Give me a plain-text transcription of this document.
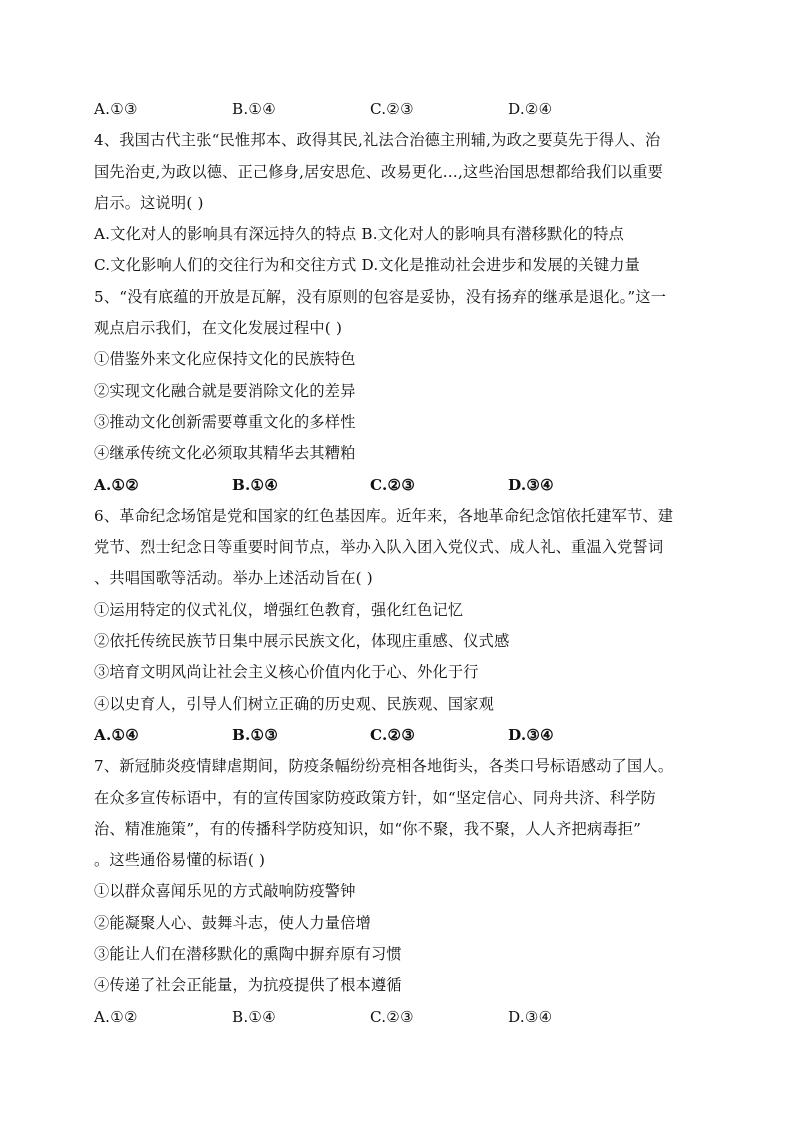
A.①③	B.①④	C.②③	D.②④
4、我国古代主张“民惟邦本、政得其民,礼法合治德主刑辅,为政之要莫先于得人、治
国先治吏,为政以德、正己修身,居安思危、改易更化…,这些治国思想都给我们以重要
启示。这说明( )
A.文化对人的影响具有深远持久的特点 B.文化对人的影响具有潜移默化的特点
C.文化影响人们的交往行为和交往方式 D.文化是推动社会进步和发展的关键力量
5、“没有底蕴的开放是瓦解，没有原则的包容是妥协，没有扬弃的继承是退化。”这一
观点启示我们，在文化发展过程中( )
①借鉴外来文化应保持文化的民族特色
②实现文化融合就是要消除文化的差异
③推动文化创新需要尊重文化的多样性
④继承传统文化必须取其精华去其糟粕
A.①②	B.①④	C.②③	D.③④
6、革命纪念场馆是党和国家的红色基因库。近年来，各地革命纪念馆依托建军节、建
党节、烈士纪念日等重要时间节点，举办入队入团入党仪式、成人礼、重温入党誓词
、共唱国歌等活动。举办上述活动旨在( )
①运用特定的仪式礼仪，增强红色教育，强化红色记忆
②依托传统民族节日集中展示民族文化，体现庄重感、仪式感
③培育文明风尚让社会主义核心价值内化于心、外化于行
④以史育人，引导人们树立正确的历史观、民族观、国家观
A.①④	B.①③	C.②③	D.③④
7、新冠肺炎疫情肆虐期间，防疫条幅纷纷亮相各地街头，各类口号标语感动了国人。
在众多宣传标语中，有的宣传国家防疫政策方针，如“坚定信心、同舟共济、科学防
治、精准施策”，有的传播科学防疫知识，如“你不聚，我不聚，人人齐把病毒拒”
。这些通俗易懂的标语( )
①以群众喜闻乐见的方式敲响防疫警钟
②能凝聚人心、鼓舞斗志，使人力量倍增
③能让人们在潜移默化的熏陶中摒弃原有习惯
④传递了社会正能量，为抗疫提供了根本遵循
A.①②	B.①④	C.②③	D.③④
